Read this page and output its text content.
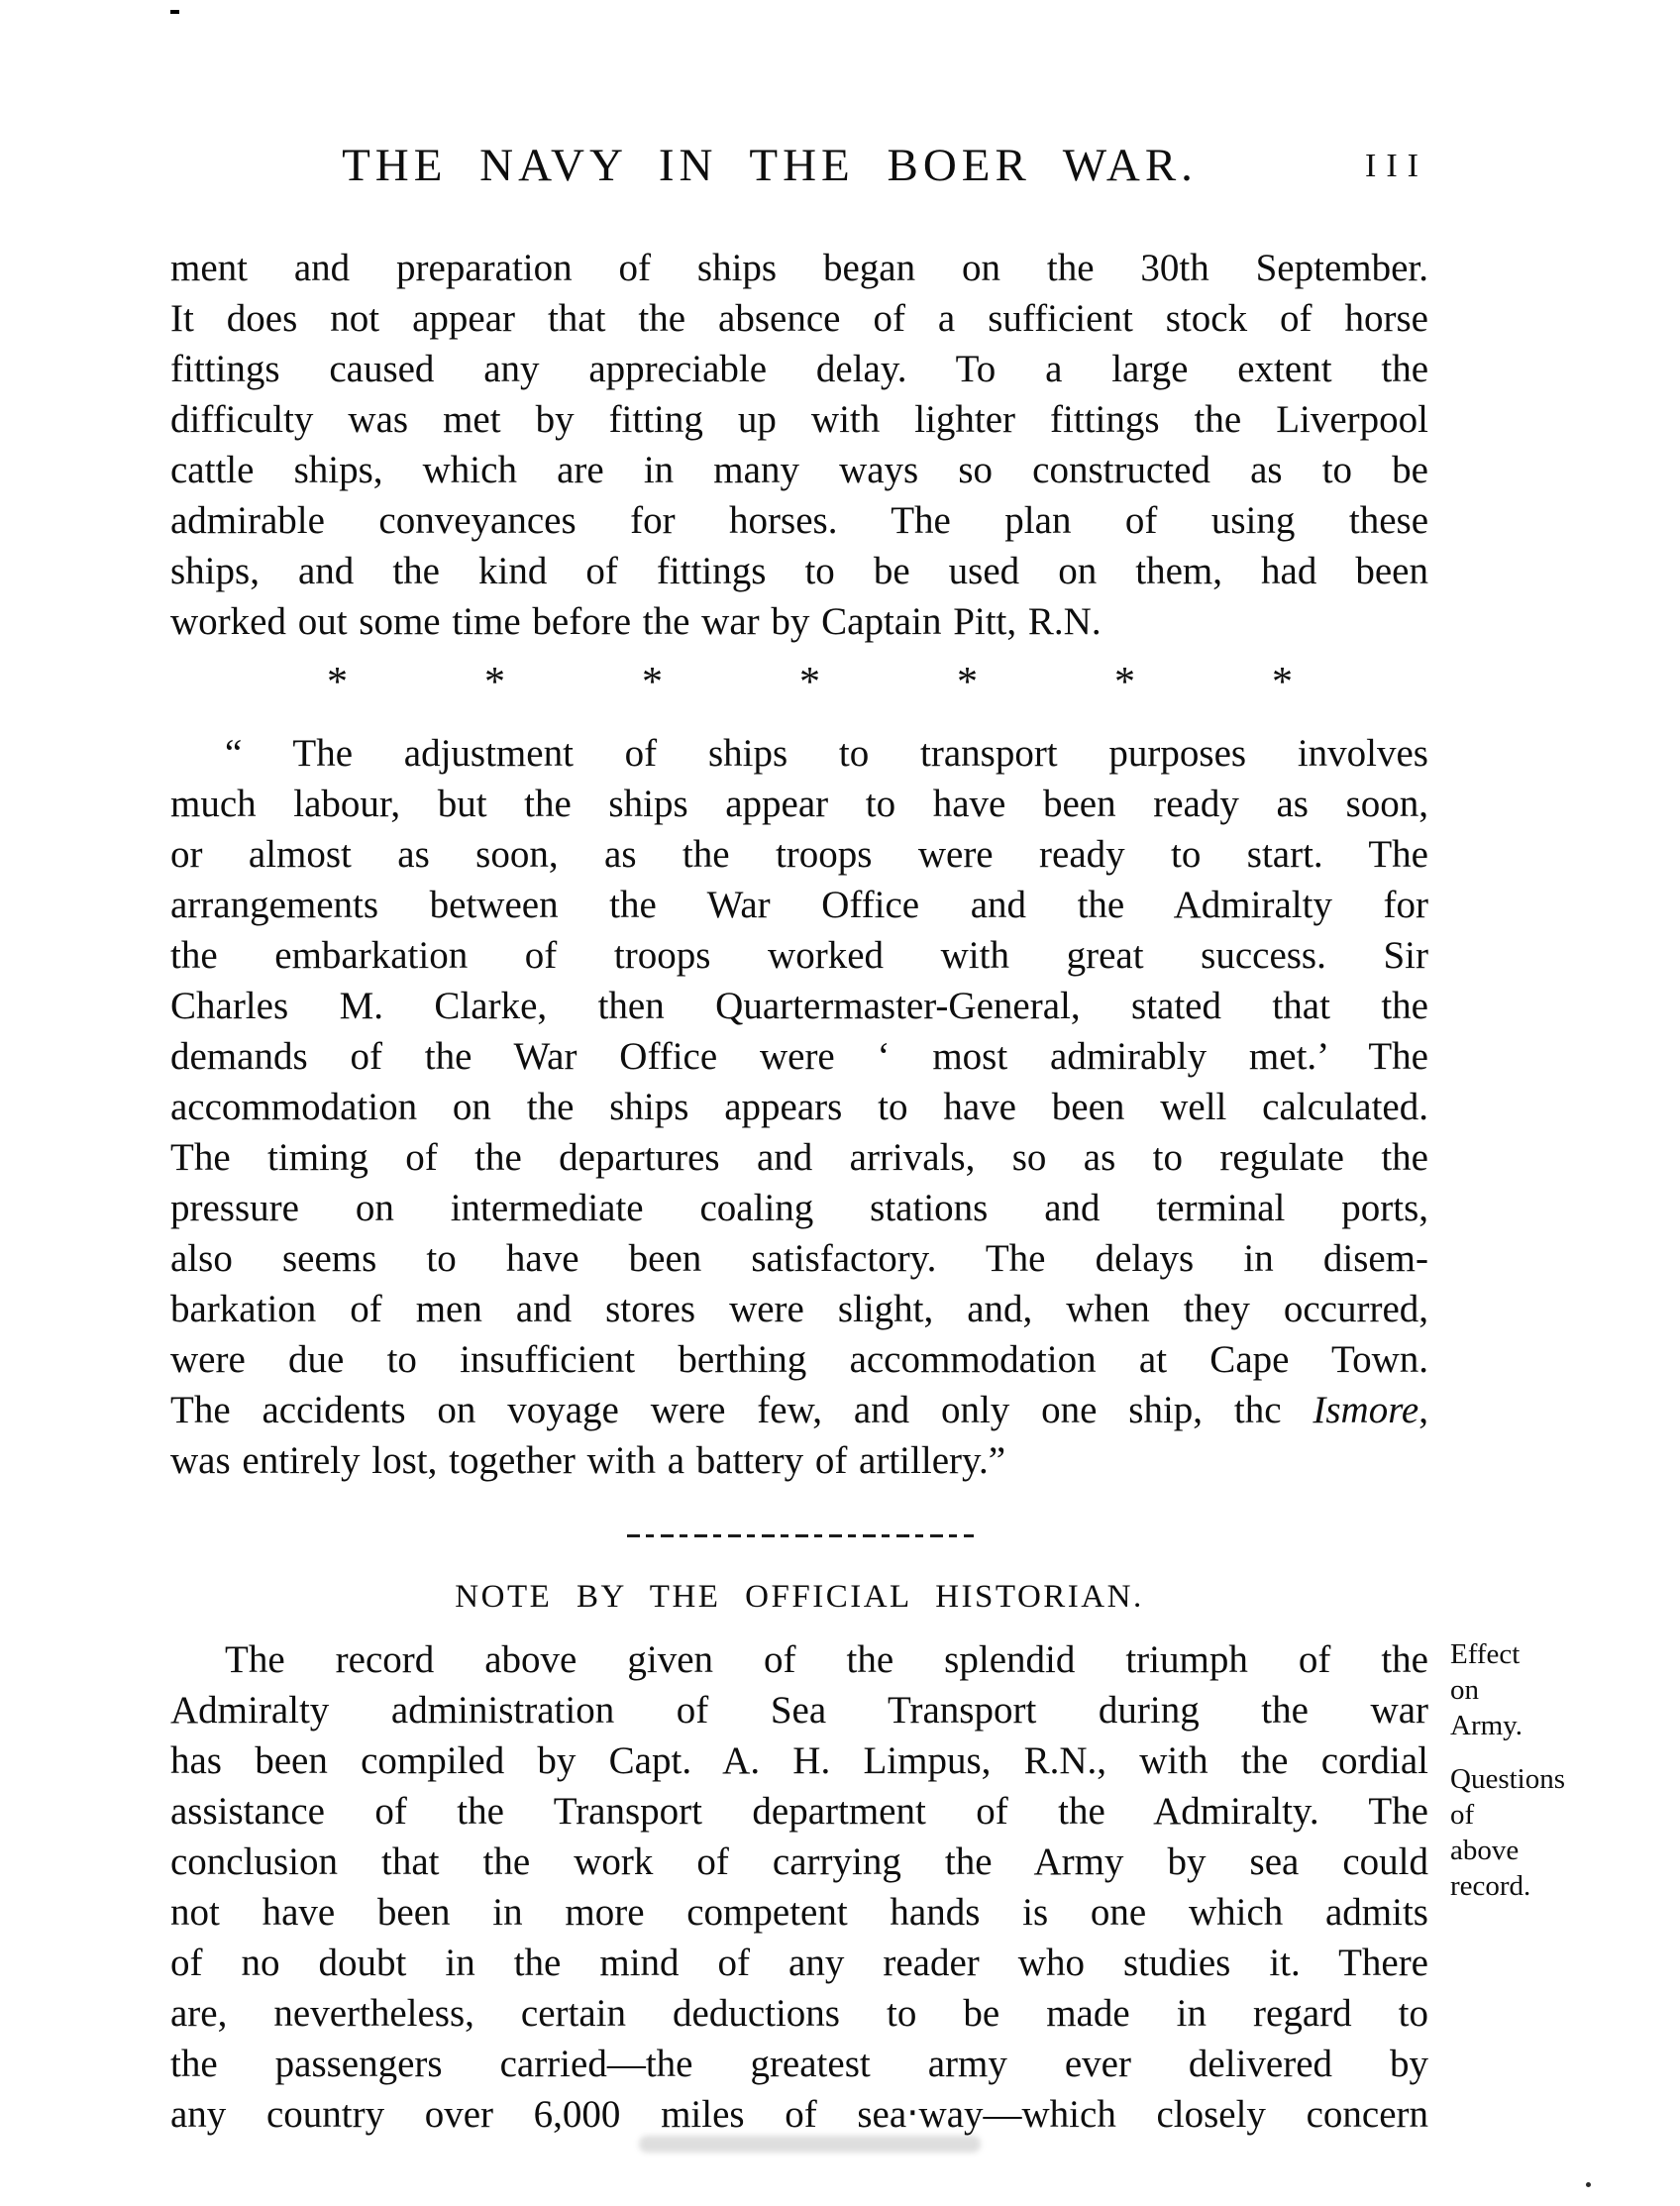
THE NAVY IN THE BOER WAR.	III
ment and preparation of ships began on the 30th September.
It does not appear that the absence of a sufficient stock of horse
fittings caused any appreciable delay. To a large extent the
difficulty was met by fitting up with lighter fittings the Liverpool
cattle ships, which are in many ways so constructed as to be
admirable conveyances for horses. The plan of using these
ships, and the kind of fittings to be used on them, had been
worked out some time before the war by Captain Pitt, R.N.
*	*	*	*	*	*	*
“ The adjustment of ships to transport purposes involves
much labour, but the ships appear to have been ready as soon,
or almost as soon, as the troops were ready to start. The
arrangements between the War Office and the Admiralty for
the embarkation of troops worked with great success. Sir
Charles M. Clarke, then Quartermaster-General, stated that the
demands of the War Office were ‘ most admirably met.’ The
accommodation on the ships appears to have been well calculated.
The timing of the departures and arrivals, so as to regulate the
pressure on intermediate coaling stations and terminal ports,
also seems to have been satisfactory. The delays in disem-
barkation of men and stores were slight, and, when they occurred,
were due to insufficient berthing accommodation at Cape Town.
The accidents on voyage were few, and only one ship, thc Ismore,
was entirely lost, together with a battery of artillery.”
NOTE BY THE OFFICIAL HISTORIAN.
The record above given of the splendid triumph of the
Admiralty administration of Sea Transport during the war
has been compiled by Capt. A. H. Limpus, R.N., with the cordial
assistance of the Transport department of the Admiralty. The
conclusion that the work of carrying the Army by sea could
not have been in more competent hands is one which admits
of no doubt in the mind of any reader who studies it. There
are, nevertheless, certain deductions to be made in regard to
the passengers carried—the greatest army ever delivered by
any country over 6,000 miles of sea‧way—which closely concern
Effect
on
Army.
Questions
of
above
record.
